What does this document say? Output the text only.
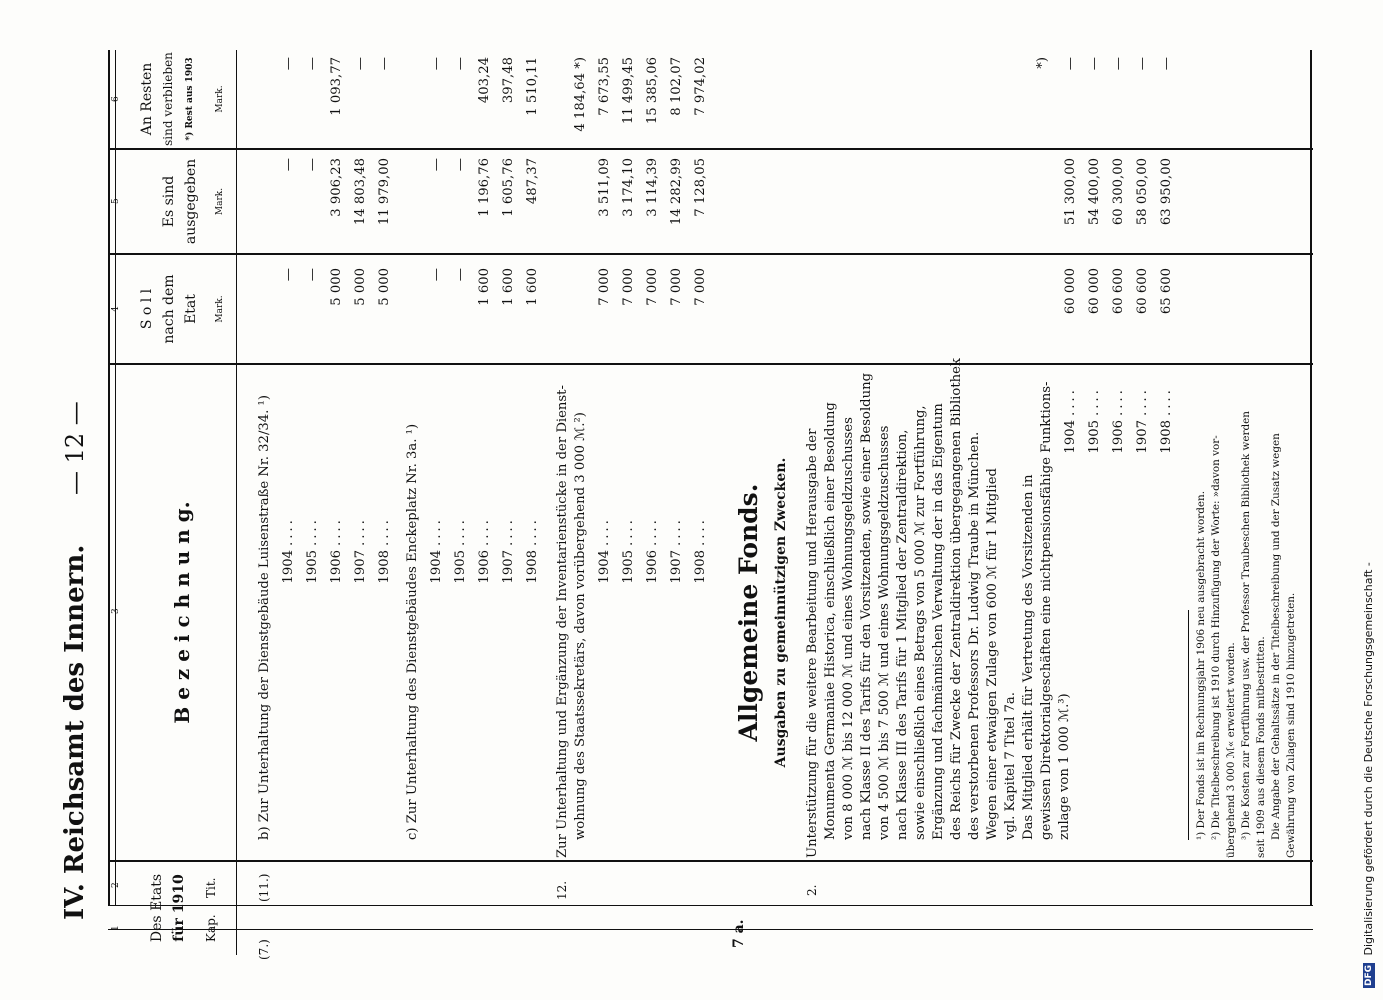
IV. Reichsamt des Innern.
— 12 —
1
2
3
4
5
6
Des Etats für 1910 Kap.
Tit.
B e z e i c h n u n g.
S o l l nach dem Etat Mark.
Es sind ausgegeben Mark.
An Resten sind verblieben *) Rest aus 1903 Mark.
(7.)
7 a.
(11.)
b) Zur Unterhaltung der Dienstgebäude Luisenstraße Nr. 32/34. ¹) 1904
....
—
—
—
1905
....
—
—
—
1906
....
5 000
3 906,23
1 093,77
1907
....
5 000
14 803,48
—
1908
....
5 000
11 979,00
—
c) Zur Unterhaltung des Dienstgebäudes Enckeplatz Nr. 3a. ¹) 1904
....
—
—
—
1905
....
—
—
—
1906
....
1 600
1 196,76
403,24
1907
....
1 600
1 605,76
397,48
1908
....
1 600
487,37
1 510,11
12.
Zur Unterhaltung und Ergänzung der Inventarienstücke in der Dienst- wohnung des Staatssekretärs, davon vorübergehend 3 000 ℳ.²)
4 184,64 *)
1904
....
7 000
3 511,09
7 673,55
1905
....
7 000
3 174,10
11 499,45
1906
....
7 000
3 114,39
15 385,06
1907
....
7 000
14 282,99
8 102,07
1908
....
7 000
7 128,05
7 974,02
Allgemeine Fonds. Ausgaben zu gemeinnützigen Zwecken.
2.
Unterstützung für die weitere Bearbeitung und Herausgabe der Monumenta Germaniae Historica, einschließlich einer Besoldung von 8 000 ℳ bis 12 000 ℳ und eines Wohnungsgeldzuschusses nach Klasse II des Tarifs für den Vorsitzenden, sowie einer Besoldung von 4 500 ℳ bis 7 500 ℳ und eines Wohnungsgeldzuschusses nach Klasse III des Tarifs für 1 Mitglied der Zentraldirektion, sowie einschließlich eines Betrags von 5 000 ℳ zur Fortführung, Ergänzung und fachmännischen Verwaltung der in das Eigentum des Reichs für Zwecke der Zentraldirektion übergegangenen Bibliothek des verstorbenen Professors Dr. Ludwig Traube in München. Wegen einer etwaigen Zulage von 600 ℳ für 1 Mitglied vgl. Kapitel 7 Titel 7a. Das Mitglied erhält für Vertretung des Vorsitzenden in gewissen Direktorialgeschäften eine nichtpensionsfähige Funktions- zulage von 1 000 ℳ.³)
*)
1904
....
60 000
51 300,00
—
1905
....
60 000
54 400,00
—
1906
....
60 600
60 300,00
—
1907
....
60 600
58 050,00
—
1908
....
65 600
63 950,00
—
¹) Der Fonds ist im Rechnungsjahr 1906 neu ausgebracht worden. ²) Die Titelbeschreibung ist 1910 durch Hinzufügung der Worte: »davon vor- übergehend 3 000 ℳ« erweitert worden. ³) Die Kosten zur Fortführung usw. der Professor Traubeschen Bibliothek werden seit 1909 aus diesem Fonds mitbestritten. Die Angabe der Gehaltssätze in der Titelbeschreibung und der Zusatz wegen Gewährung von Zulagen sind 1910 hinzugetreten.
DFG Digitalisierung gefördert durch die Deutsche Forschungsgemeinschaft -
